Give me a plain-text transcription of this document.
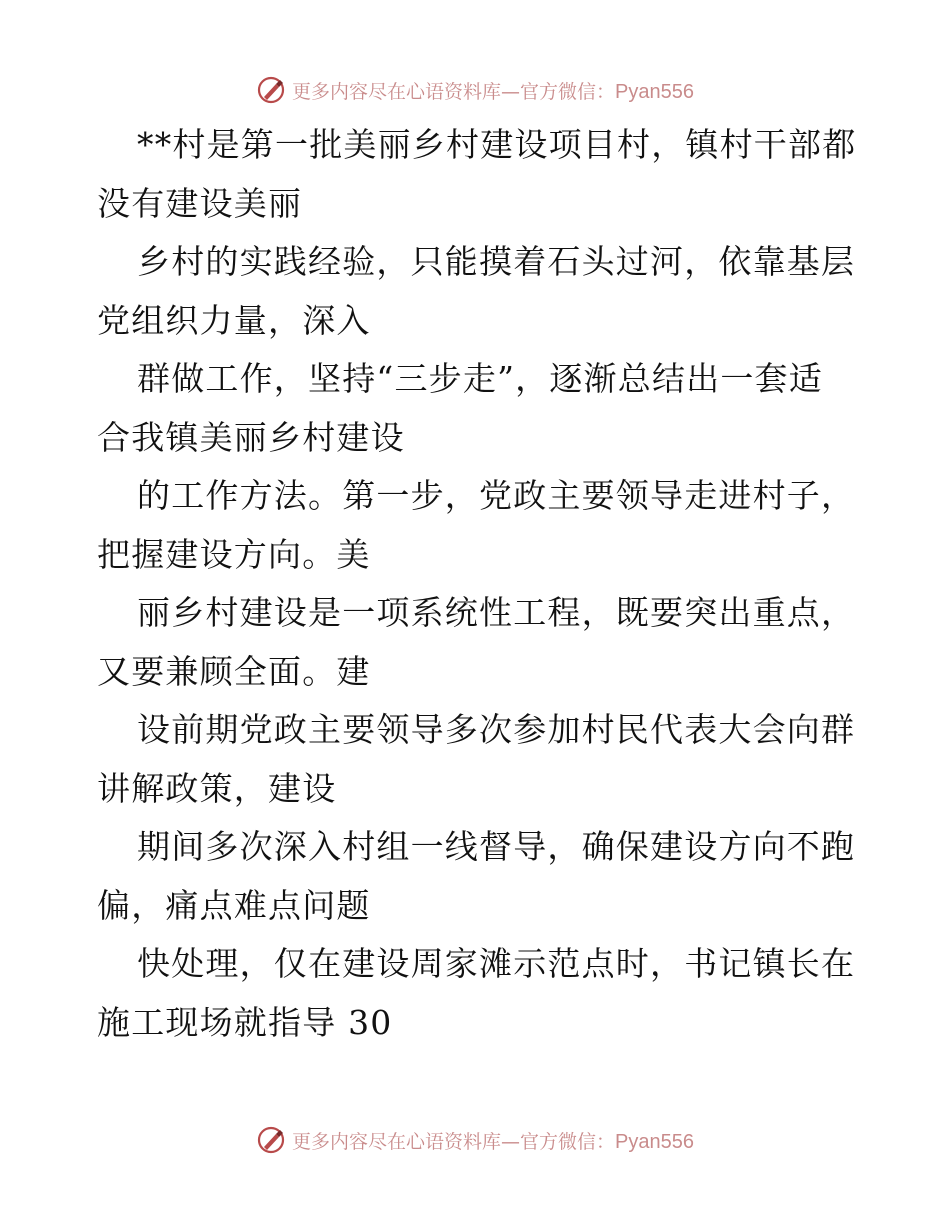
更多内容尽在心语资料库—官方微信：Pyan556

**村是第一批美丽乡村建设项目村，镇村干部都

没有建设美丽

乡村的实践经验，只能摸着石头过河，依靠基层

党组织力量，深入

群做工作，坚持“三步走”，逐渐总结出一套适

合我镇美丽乡村建设

的工作方法。第一步，党政主要领导走进村子，

把握建设方向。美

丽乡村建设是一项系统性工程，既要突出重点，

又要兼顾全面。建

设前期党政主要领导多次参加村民代表大会向群

讲解政策，建设

期间多次深入村组一线督导，确保建设方向不跑

偏，痛点难点问题

快处理，仅在建设周家滩示范点时，书记镇长在

施工现场就指导 30

更多内容尽在心语资料库—官方微信：Pyan556
